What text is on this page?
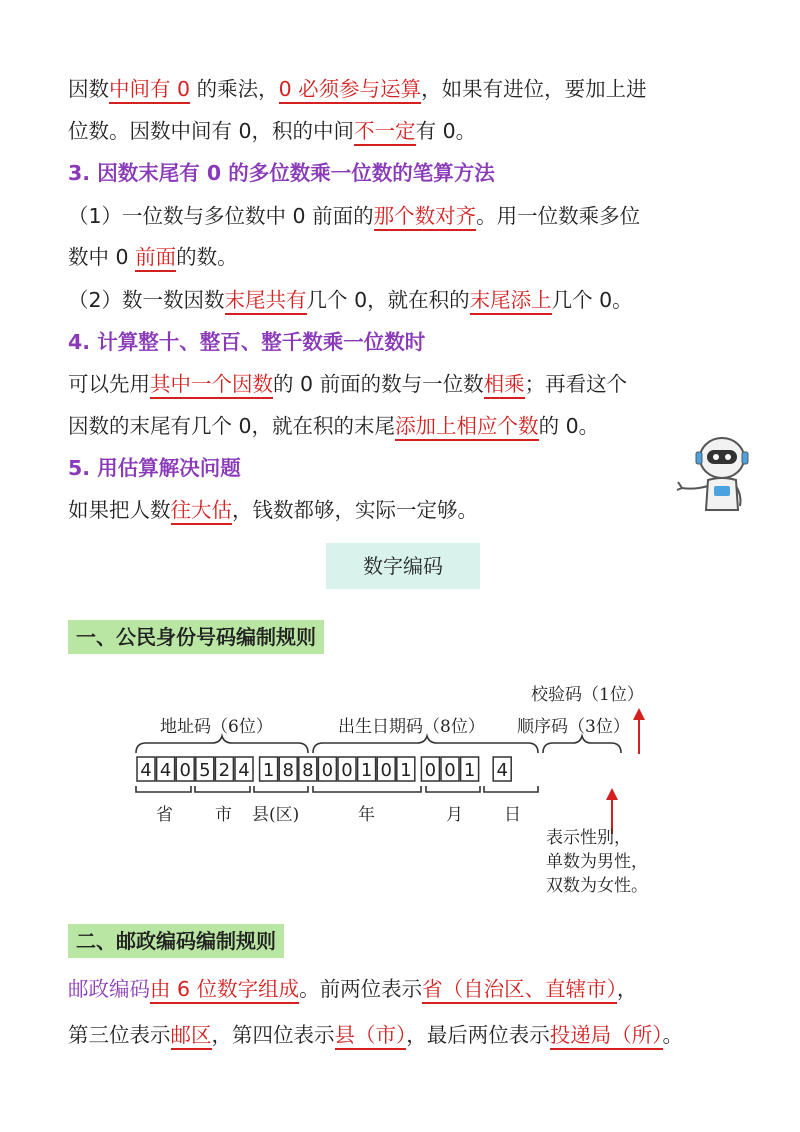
因数中间有 0 的乘法，0 必须参与运算，如果有进位，要加上进
位数。因数中间有 0，积的中间不一定有 0。
3. 因数末尾有 0 的多位数乘一位数的笔算方法
（1）一位数与多位数中 0 前面的那个数对齐。用一位数乘多位
数中 0 前面的数。
（2）数一数因数末尾共有几个 0，就在积的末尾添上几个 0。
4. 计算整十、整百、整千数乘一位数时
可以先用其中一个因数的 0 前面的数与一位数相乘；再看这个
因数的末尾有几个 0，就在积的末尾添加上相应个数的 0。
5. 用估算解决问题
如果把人数往大估，钱数都够，实际一定够。
数字编码
一、公民身份号码编制规则
4 4 0 5 2 4 1 8 8 0 0 1 0 1 0 0 1 4
地址码（6位）	出生日期码（8位） 顺序码（3位）
校验码（1位）
省 市 县(区)	年	月 日
表示性别，
单数为男性，
双数为女性。
二、邮政编码编制规则
邮政编码由 6 位数字组成。前两位表示省（自治区、直辖市），
第三位表示邮区，第四位表示县（市），最后两位表示投递局（所）。
